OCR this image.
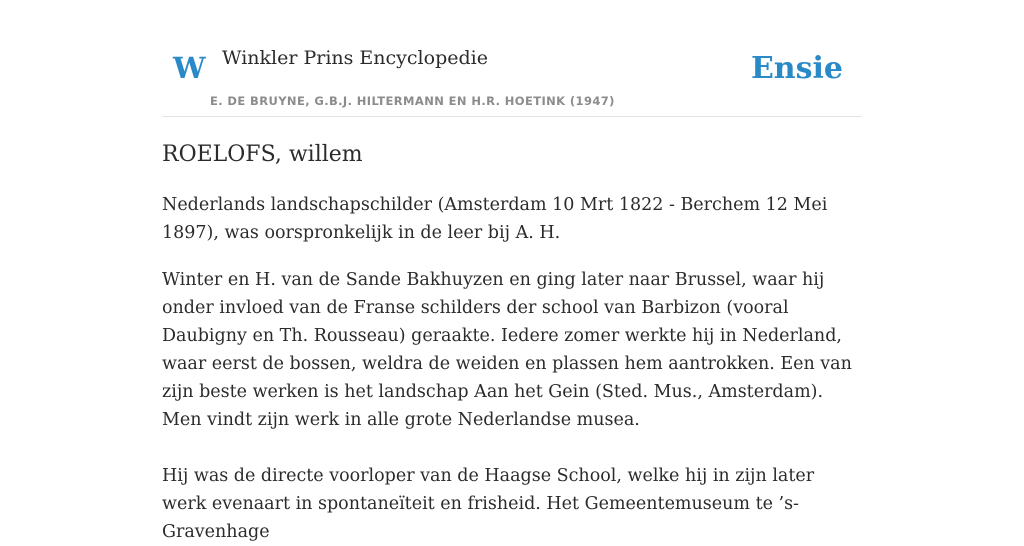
W Winkler Prins Encyclopedie
E. DE BRUYNE, G.B.J. HILTERMANN EN H.R. HOETINK (1947)
Ensie
ROELOFS, willem

Nederlands landschapschilder (Amsterdam 10 Mrt 1822 - Berchem 12 Mei 1897), was oorspronkelijk in de leer bij A. H.

Winter en H. van de Sande Bakhuyzen en ging later naar Brussel, waar hij onder invloed van de Franse schilders der school van Barbizon (vooral Daubigny en Th. Rousseau) geraakte. Iedere zomer werkte hij in Nederland, waar eerst de bossen, weldra de weiden en plassen hem aantrokken. Een van zijn beste werken is het landschap Aan het Gein (Sted. Mus., Amsterdam). Men vindt zijn werk in alle grote Nederlandse musea.

Hij was de directe voorloper van de Haagse School, welke hij in zijn later werk evenaart in spontaneïteit en frisheid. Het Gemeentemuseum te ’s-Gravenhage
